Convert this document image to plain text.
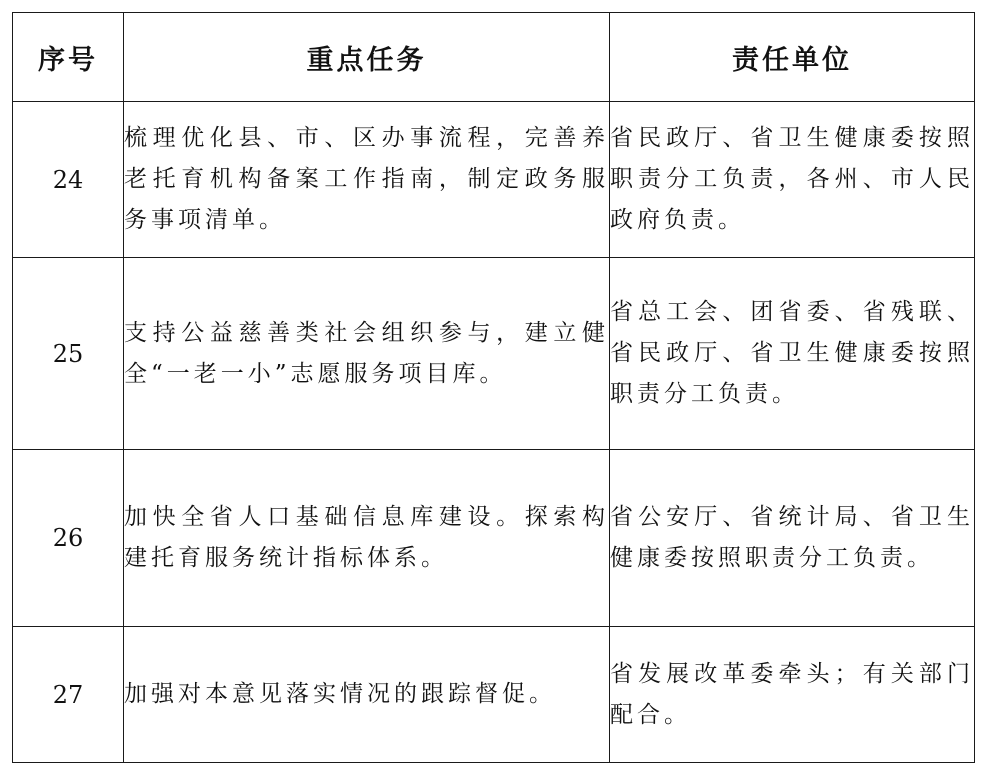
序号	重点任务	责任单位
24	梳理优化县、市、区办事流程，完善养老托育机构备案工作指南，制定政务服务事项清单。	省民政厅、省卫生健康委按照职责分工负责，各州、市人民政府负责。
25	支持公益慈善类社会组织参与，建立健全“一老一小”志愿服务项目库。	省总工会、团省委、省残联、省民政厅、省卫生健康委按照职责分工负责。
26	加快全省人口基础信息库建设。探索构建托育服务统计指标体系。	省公安厅、省统计局、省卫生健康委按照职责分工负责。
27	加强对本意见落实情况的跟踪督促。	省发展改革委牵头；有关部门配合。
